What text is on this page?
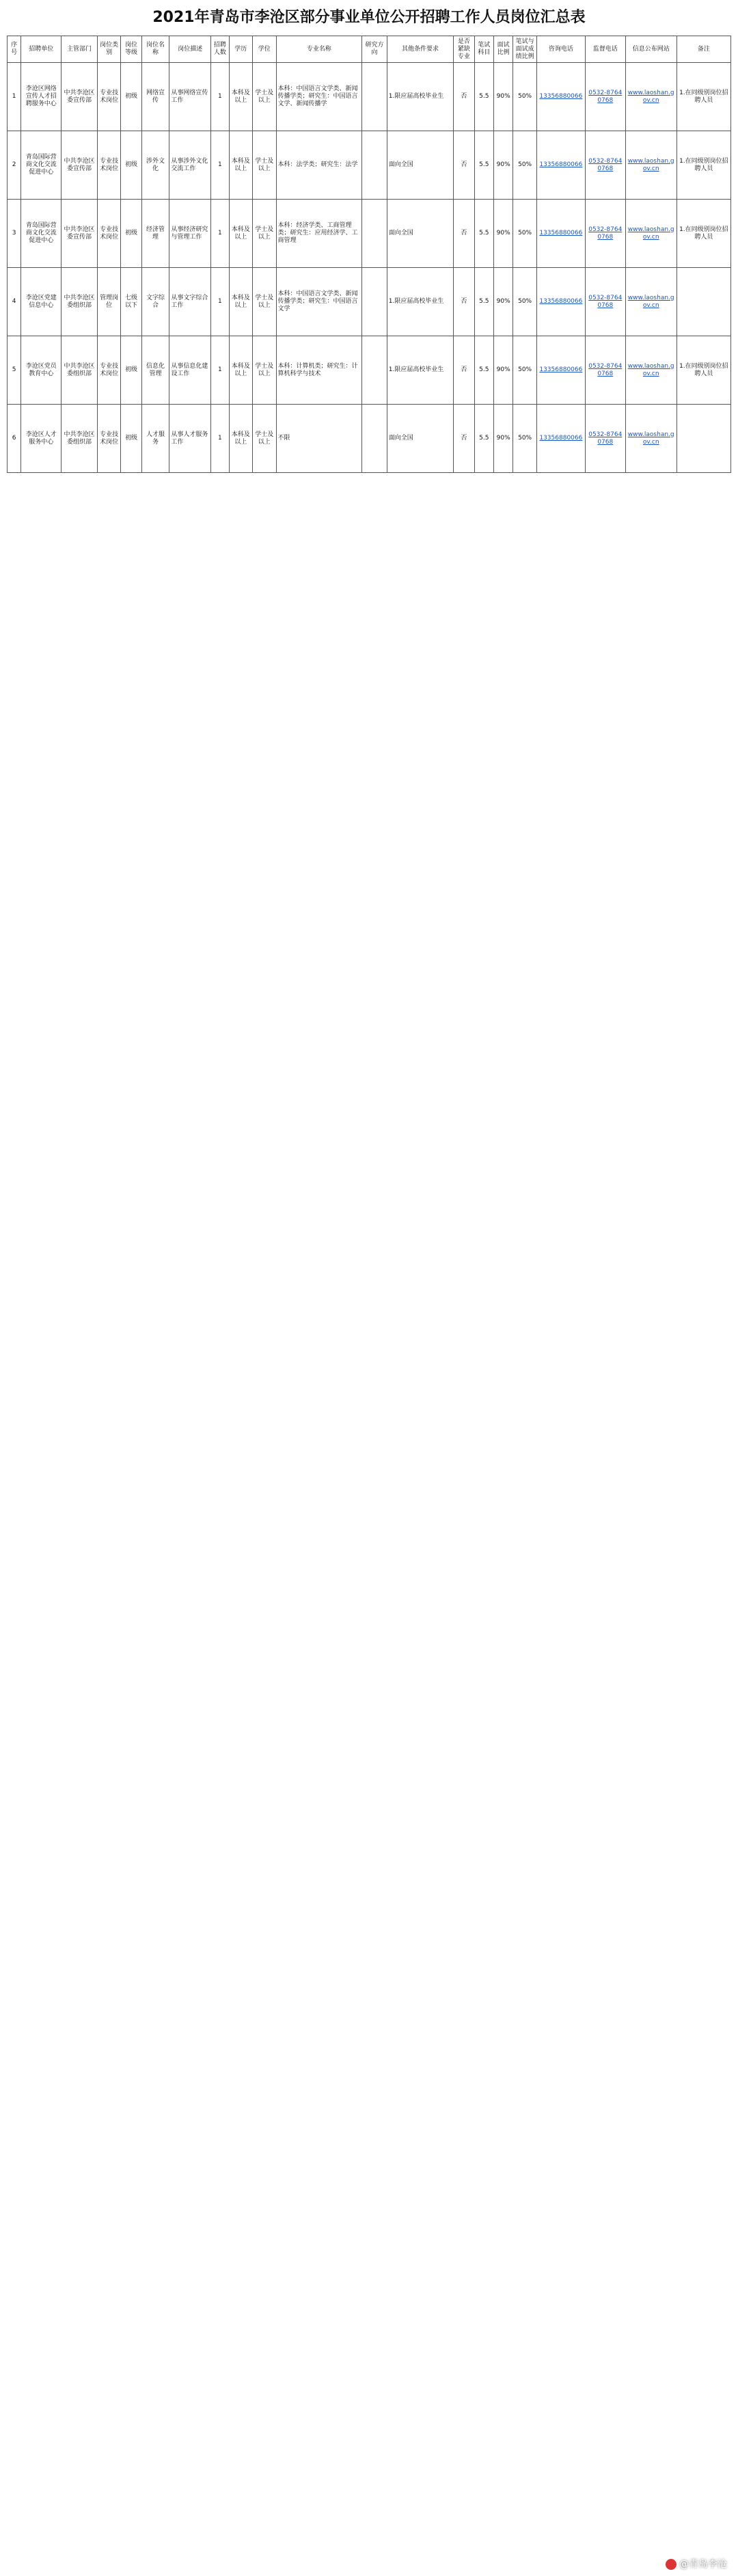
2021年青岛市李沧区部分事业单位公开招聘工作人员岗位汇总表
序号	招聘单位	主管部门	岗位类别	岗位等级	岗位名称	岗位描述	招聘人数	学历	学位	专业名称	研究方向	其他条件要求	是否紧缺专业	笔试科目	面试比例	笔试与面试成绩比例	咨询电话	监督电话	信息公布网站	备注
1	李沧区网络宣传人才招聘服务中心	中共李沧区委宣传部	专业技术岗位	初级	网络宣传	从事网络宣传工作	1	本科及以上	学士及以上	本科：中国语言文学类、新闻传播学类；研究生：中国语言文学、新闻传播学		1.限应届高校毕业生	否	5.5	90%	50%	13356880066	0532-87640768	www.laoshan.gov.cn	1.在同级别岗位招聘人员
2	青岛国际营商文化交流促进中心	中共李沧区委宣传部	专业技术岗位	初级	涉外文化	从事涉外文化交流工作	1	本科及以上	学士及以上	本科：法学类；研究生：法学		面向全国	否	5.5	90%	50%	13356880066	0532-87640768	www.laoshan.gov.cn	1.在同级别岗位招聘人员
3	青岛国际营商文化交流促进中心	中共李沧区委宣传部	专业技术岗位	初级	经济管理	从事经济研究与管理工作	1	本科及以上	学士及以上	本科：经济学类、工商管理类；研究生：应用经济学、工商管理		面向全国	否	5.5	90%	50%	13356880066	0532-87640768	www.laoshan.gov.cn	1.在同级别岗位招聘人员
4	李沧区党建信息中心	中共李沧区委组织部	管理岗位	七级以下	文字综合	从事文字综合工作	1	本科及以上	学士及以上	本科：中国语言文学类、新闻传播学类；研究生：中国语言文学		1.限应届高校毕业生	否	5.5	90%	50%	13356880066	0532-87640768	www.laoshan.gov.cn	
5	李沧区党员教育中心	中共李沧区委组织部	专业技术岗位	初级	信息化管理	从事信息化建设工作	1	本科及以上	学士及以上	本科：计算机类；研究生：计算机科学与技术		1.限应届高校毕业生	否	5.5	90%	50%	13356880066	0532-87640768	www.laoshan.gov.cn	1.在同级别岗位招聘人员
6	李沧区人才服务中心	中共李沧区委组织部	专业技术岗位	初级	人才服务	从事人才服务工作	1	本科及以上	学士及以上	不限		面向全国	否	5.5	90%	50%	13356880066	0532-87640768	www.laoshan.gov.cn	
@青岛李沧
